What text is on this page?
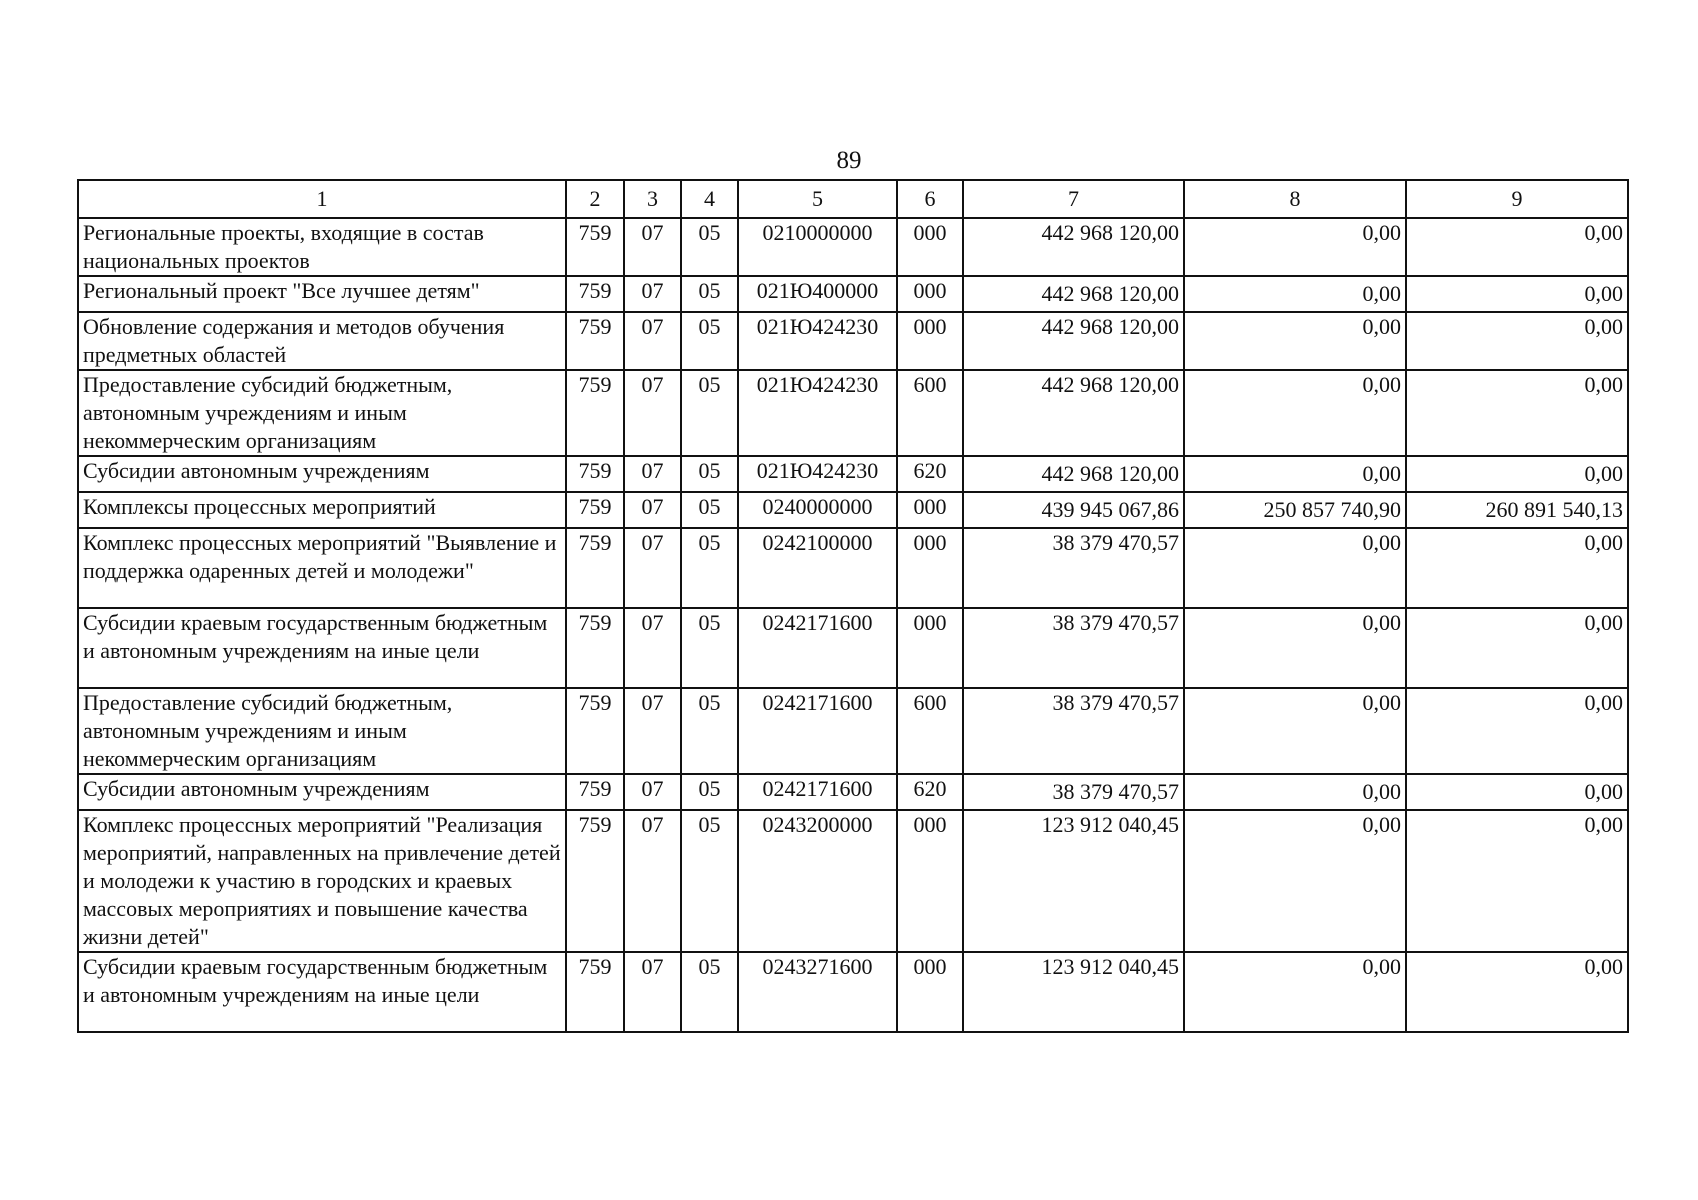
89
1	2	3	4	5	6	7	8	9
Региональные проекты, входящие в состав национальных проектов	759	07	05	0210000000	000	442 968 120,00	0,00	0,00
Региональный проект "Все лучшее детям"	759	07	05	021Ю400000	000	442 968 120,00	0,00	0,00
Обновление содержания и методов обучения предметных областей	759	07	05	021Ю424230	000	442 968 120,00	0,00	0,00
Предоставление субсидий бюджетным, автономным учреждениям и иным некоммерческим организациям	759	07	05	021Ю424230	600	442 968 120,00	0,00	0,00
Субсидии автономным учреждениям	759	07	05	021Ю424230	620	442 968 120,00	0,00	0,00
Комплексы процессных мероприятий	759	07	05	0240000000	000	439 945 067,86	250 857 740,90	260 891 540,13
Комплекс процессных мероприятий "Выявление и поддержка одаренных детей и молодежи"	759	07	05	0242100000	000	38 379 470,57	0,00	0,00
Субсидии краевым государственным бюджетным и автономным учреждениям на иные цели	759	07	05	0242171600	000	38 379 470,57	0,00	0,00
Предоставление субсидий бюджетным, автономным учреждениям и иным некоммерческим организациям	759	07	05	0242171600	600	38 379 470,57	0,00	0,00
Субсидии автономным учреждениям	759	07	05	0242171600	620	38 379 470,57	0,00	0,00
Комплекс процессных мероприятий "Реализация мероприятий, направленных на привлечение детей и молодежи к участию в городских и краевых массовых мероприятиях и повышение качества жизни детей"	759	07	05	0243200000	000	123 912 040,45	0,00	0,00
Субсидии краевым государственным бюджетным и автономным учреждениям на иные цели	759	07	05	0243271600	000	123 912 040,45	0,00	0,00
